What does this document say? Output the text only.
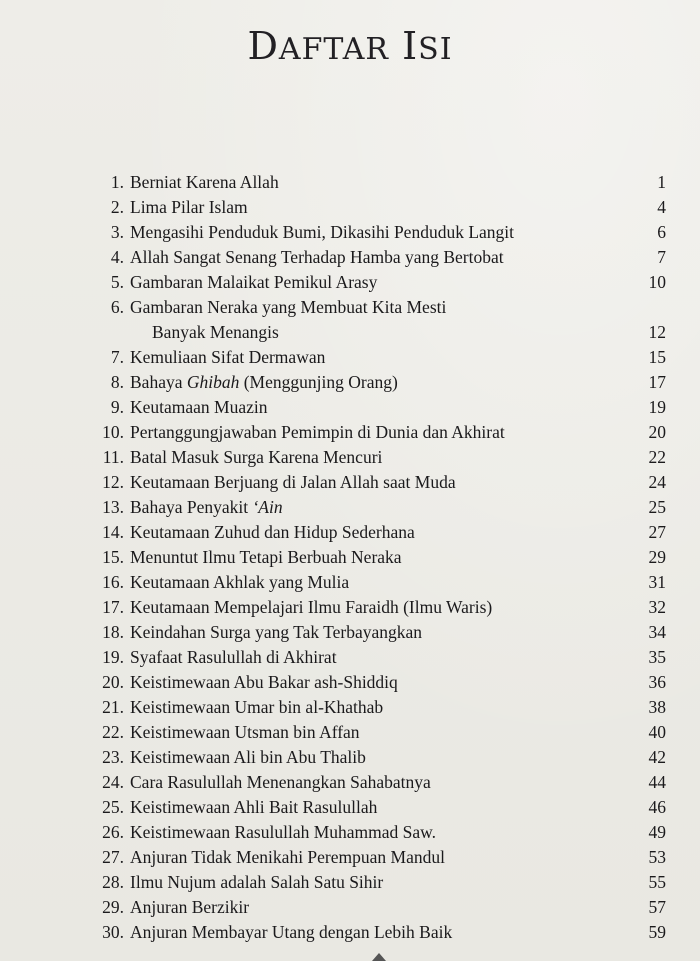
DAFTAR ISI
1. Berniat Karena Allah	1
2. Lima Pilar Islam	4
3. Mengasihi Penduduk Bumi, Dikasihi Penduduk Langit	6
4. Allah Sangat Senang Terhadap Hamba yang Bertobat	7
5. Gambaran Malaikat Pemikul Arasy	10
6. Gambaran Neraka yang Membuat Kita Mesti
Banyak Menangis	12
7. Kemuliaan Sifat Dermawan	15
8. Bahaya Ghibah (Menggunjing Orang)	17
9. Keutamaan Muazin	19
10. Pertanggungjawaban Pemimpin di Dunia dan Akhirat	20
11. Batal Masuk Surga Karena Mencuri	22
12. Keutamaan Berjuang di Jalan Allah saat Muda	24
13. Bahaya Penyakit ‘Ain	25
14. Keutamaan Zuhud dan Hidup Sederhana	27
15. Menuntut Ilmu Tetapi Berbuah Neraka	29
16. Keutamaan Akhlak yang Mulia	31
17. Keutamaan Mempelajari Ilmu Faraidh (Ilmu Waris)	32
18. Keindahan Surga yang Tak Terbayangkan	34
19. Syafaat Rasulullah di Akhirat	35
20. Keistimewaan Abu Bakar ash-Shiddiq	36
21. Keistimewaan Umar bin al-Khathab	38
22. Keistimewaan Utsman bin Affan	40
23. Keistimewaan Ali bin Abu Thalib	42
24. Cara Rasulullah Menenangkan Sahabatnya	44
25. Keistimewaan Ahli Bait Rasulullah	46
26. Keistimewaan Rasulullah Muhammad Saw.	49
27. Anjuran Tidak Menikahi Perempuan Mandul	53
28. Ilmu Nujum adalah Salah Satu Sihir	55
29. Anjuran Berzikir	57
30. Anjuran Membayar Utang dengan Lebih Baik	59
